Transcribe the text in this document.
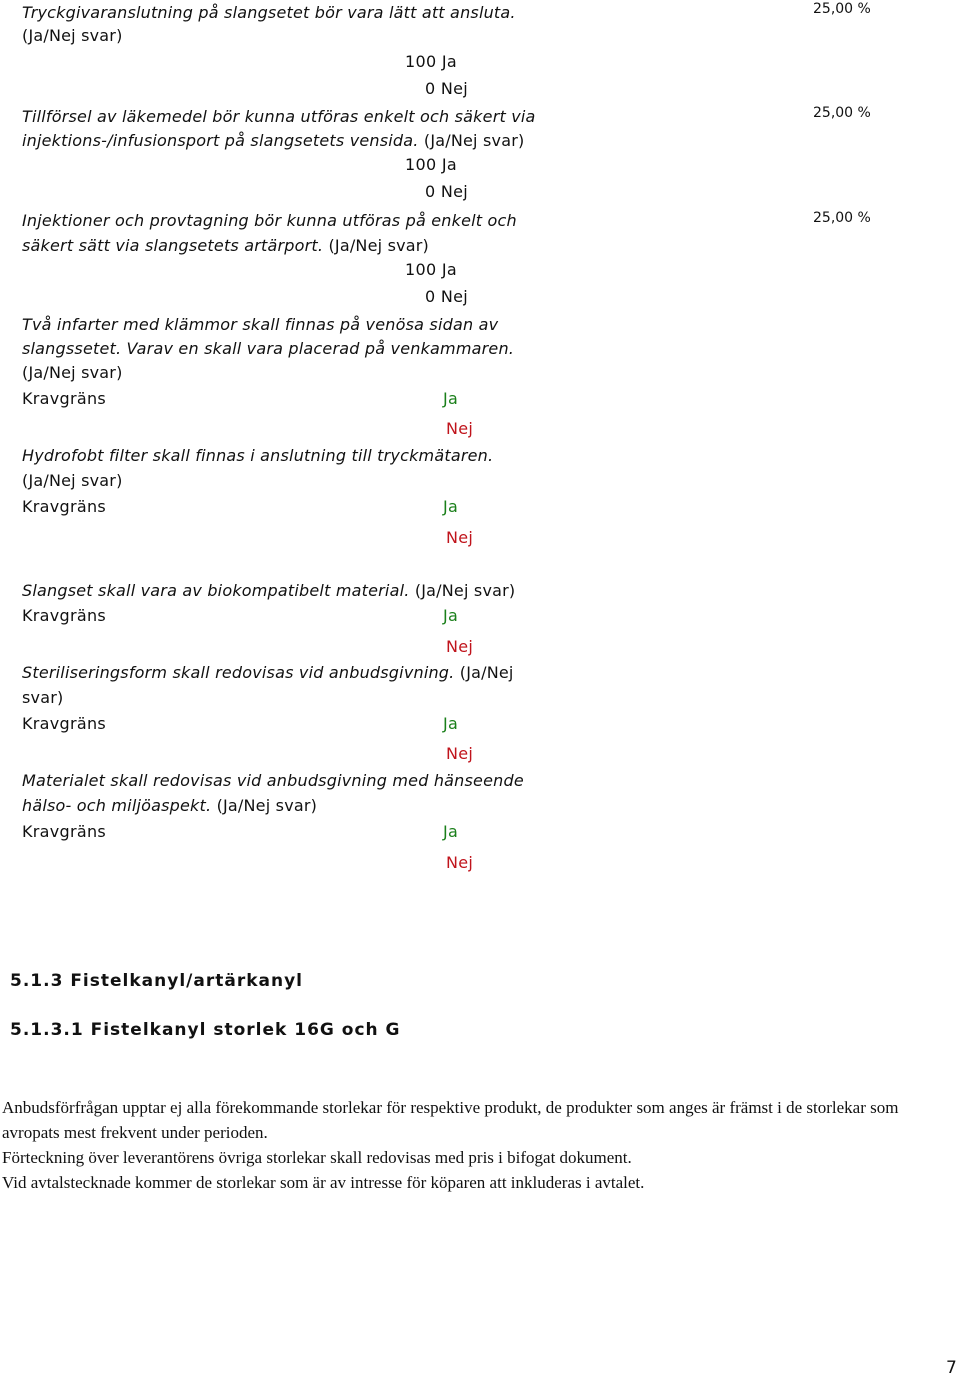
Tryckgivaranslutning på slangsetet bör vara lätt att ansluta.
(Ja/Nej svar)
25,00 %
100 Ja
0 Nej
Tillförsel av läkemedel bör kunna utföras enkelt och säkert via
injektions-/infusionsport på slangsetets vensida. (Ja/Nej svar)
25,00 %
100 Ja
0 Nej
Injektioner och provtagning bör kunna utföras på enkelt och
säkert sätt via slangsetets artärport. (Ja/Nej svar)
25,00 %
100 Ja
0 Nej
Två infarter med klämmor skall finnas på venösa sidan av
slangssetet. Varav en skall vara placerad på venkammaren.
(Ja/Nej svar)
Kravgräns	Ja
Nej
Hydrofobt filter skall finnas i anslutning till tryckmätaren.
(Ja/Nej svar)
Kravgräns	Ja
Nej
Slangset skall vara av biokompatibelt material. (Ja/Nej svar)
Kravgräns	Ja
Nej
Steriliseringsform skall redovisas vid anbudsgivning. (Ja/Nej
svar)
Kravgräns	Ja
Nej
Materialet skall redovisas vid anbudsgivning med hänseende
hälso- och miljöaspekt. (Ja/Nej svar)
Kravgräns	Ja
Nej
5.1.3 Fistelkanyl/artärkanyl
5.1.3.1 Fistelkanyl storlek 16G och G

Anbudsförfrågan upptar ej alla förekommande storlekar för respektive produkt, de produkter som anges är främst i de storlekar som avropats mest frekvent under perioden.

Förteckning över leverantörens övriga storlekar skall redovisas med pris i bifogat dokument.

Vid avtalstecknade kommer de storlekar som är av intresse för köparen att inkluderas i avtalet.

7
